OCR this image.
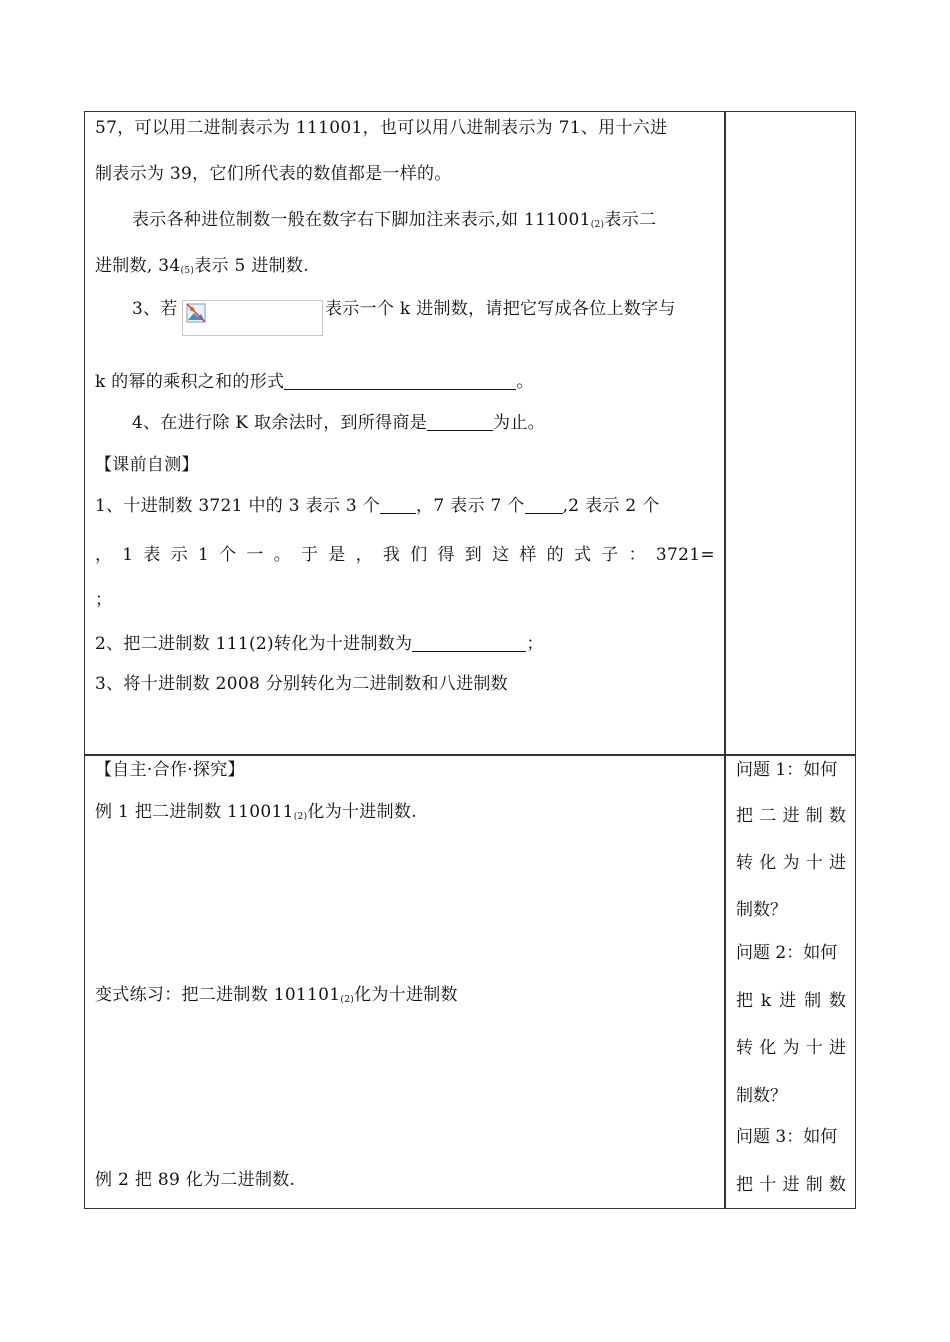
57，可以用二进制表示为 111001，也可以用八进制表示为 71、用十六进
制表示为 39，它们所代表的数值都是一样的。
表示各种进位制数一般在数字右下脚加注来表示,如 $111001_{(2)}$表示二
进制数, $34_{(5)}$表示 5 进制数.
3、若	表示一个 k 进制数，请把它写成各位上数字与
k 的幂的乘积之和的形式	。
4、在进行除 K 取余法时，到所得商是	为止。
【课前自测】
1、十进制数 3721 中的 3 表示 3 个 ，7 表示 7 个 ,2 表示 2 个
， 1 表 示 1 个 一 。 于 是 ， 我 们 得 到 这 样 的 式 子 ： 3721=
；
2、把二进制数 111(2)转化为十进制数为	；
3、将十进制数 2008 分别转化为二进制数和八进制数
【自主·合作·探究】
例 1 把二进制数 $110011_{(2)}$化为十进制数.
变式练习：把二进制数 $101101_{(2)}$化为十进制数
例 2 把 89 化为二进制数.
问题 1：如何
把 二 进 制 数
转 化 为 十 进
制数？
问题 2：如何
把 k 进 制 数
转 化 为 十 进
制数？
问题 3：如何
把 十 进 制 数
